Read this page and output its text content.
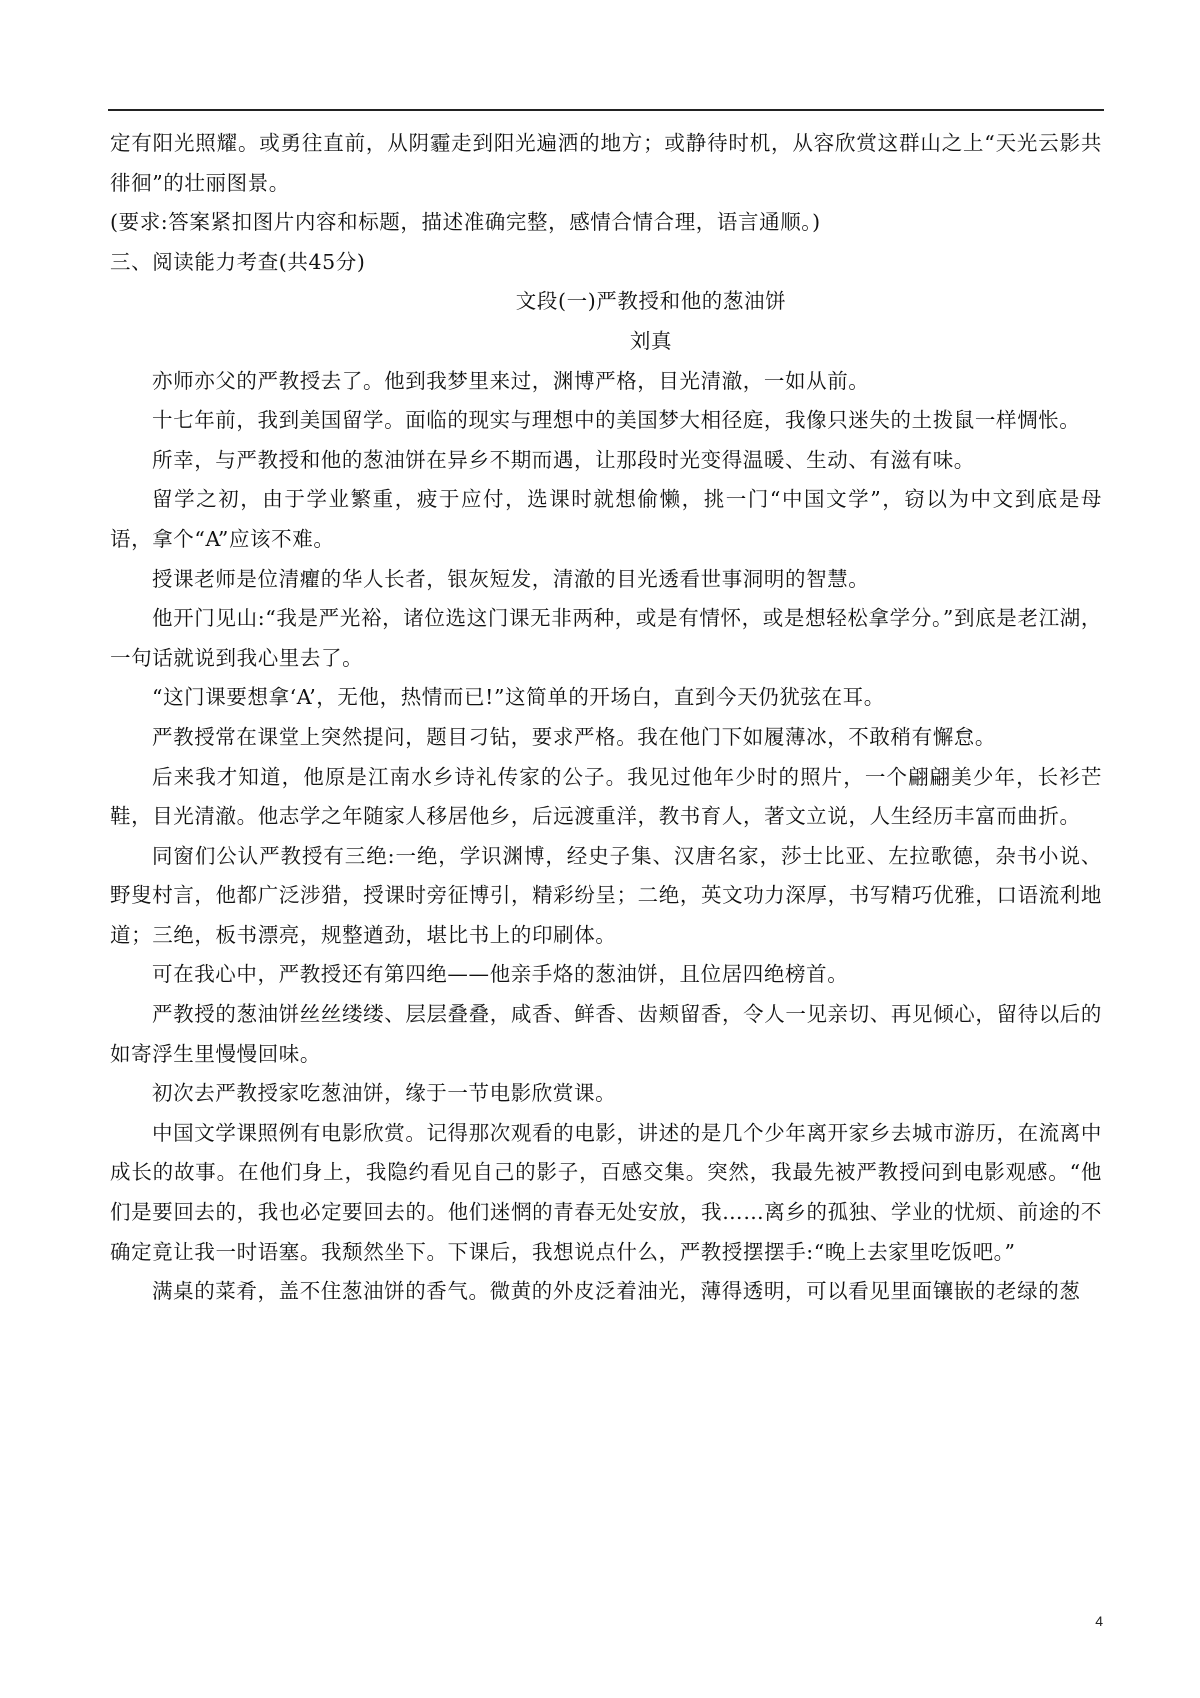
定有阳光照耀。或勇往直前，从阴霾走到阳光遍洒的地方；或静待时机，从容欣赏这群山之上“天光云影共徘徊”的壮丽图景。

(要求:答案紧扣图片内容和标题，描述准确完整，感情合情合理，语言通顺。)

三、阅读能力考查(共45分)

文段(一)严教授和他的葱油饼

刘真

亦师亦父的严教授去了。他到我梦里来过，渊博严格，目光清澈，一如从前。

十七年前，我到美国留学。面临的现实与理想中的美国梦大相径庭，我像只迷失的土拨鼠一样惆怅。

所幸，与严教授和他的葱油饼在异乡不期而遇，让那段时光变得温暖、生动、有滋有味。

留学之初，由于学业繁重，疲于应付，选课时就想偷懒，挑一门“中国文学”，窃以为中文到底是母语，拿个“A”应该不难。

授课老师是位清癯的华人长者，银灰短发，清澈的目光透看世事洞明的智慧。

他开门见山:“我是严光裕，诸位选这门课无非两种，或是有情怀，或是想轻松拿学分。”到底是老江湖，一句话就说到我心里去了。

“这门课要想拿‘A’，无他，热情而已!”这简单的开场白，直到今天仍犹弦在耳。

严教授常在课堂上突然提问，题目刁钻，要求严格。我在他门下如履薄冰，不敢稍有懈怠。

后来我才知道，他原是江南水乡诗礼传家的公子。我见过他年少时的照片，一个翩翩美少年，长衫芒鞋，目光清澈。他志学之年随家人移居他乡，后远渡重洋，教书育人，著文立说，人生经历丰富而曲折。

同窗们公认严教授有三绝:一绝，学识渊博，经史子集、汉唐名家，莎士比亚、左拉歌德，杂书小说、野叟村言，他都广泛涉猎，授课时旁征博引，精彩纷呈；二绝，英文功力深厚，书写精巧优雅，口语流利地道；三绝，板书漂亮，规整遒劲，堪比书上的印刷体。

可在我心中，严教授还有第四绝——他亲手烙的葱油饼，且位居四绝榜首。

严教授的葱油饼丝丝缕缕、层层叠叠，咸香、鲜香、齿颊留香，令人一见亲切、再见倾心，留待以后的如寄浮生里慢慢回味。

初次去严教授家吃葱油饼，缘于一节电影欣赏课。

中国文学课照例有电影欣赏。记得那次观看的电影，讲述的是几个少年离开家乡去城市游历，在流离中成长的故事。在他们身上，我隐约看见自己的影子，百感交集。突然，我最先被严教授问到电影观感。“他们是要回去的，我也必定要回去的。他们迷惘的青春无处安放，我……离乡的孤独、学业的忧烦、前途的不确定竟让我一时语塞。我颓然坐下。下课后，我想说点什么，严教授摆摆手:“晚上去家里吃饭吧。”

满桌的菜肴，盖不住葱油饼的香气。微黄的外皮泛着油光，薄得透明，可以看见里面镶嵌的老绿的葱

4
